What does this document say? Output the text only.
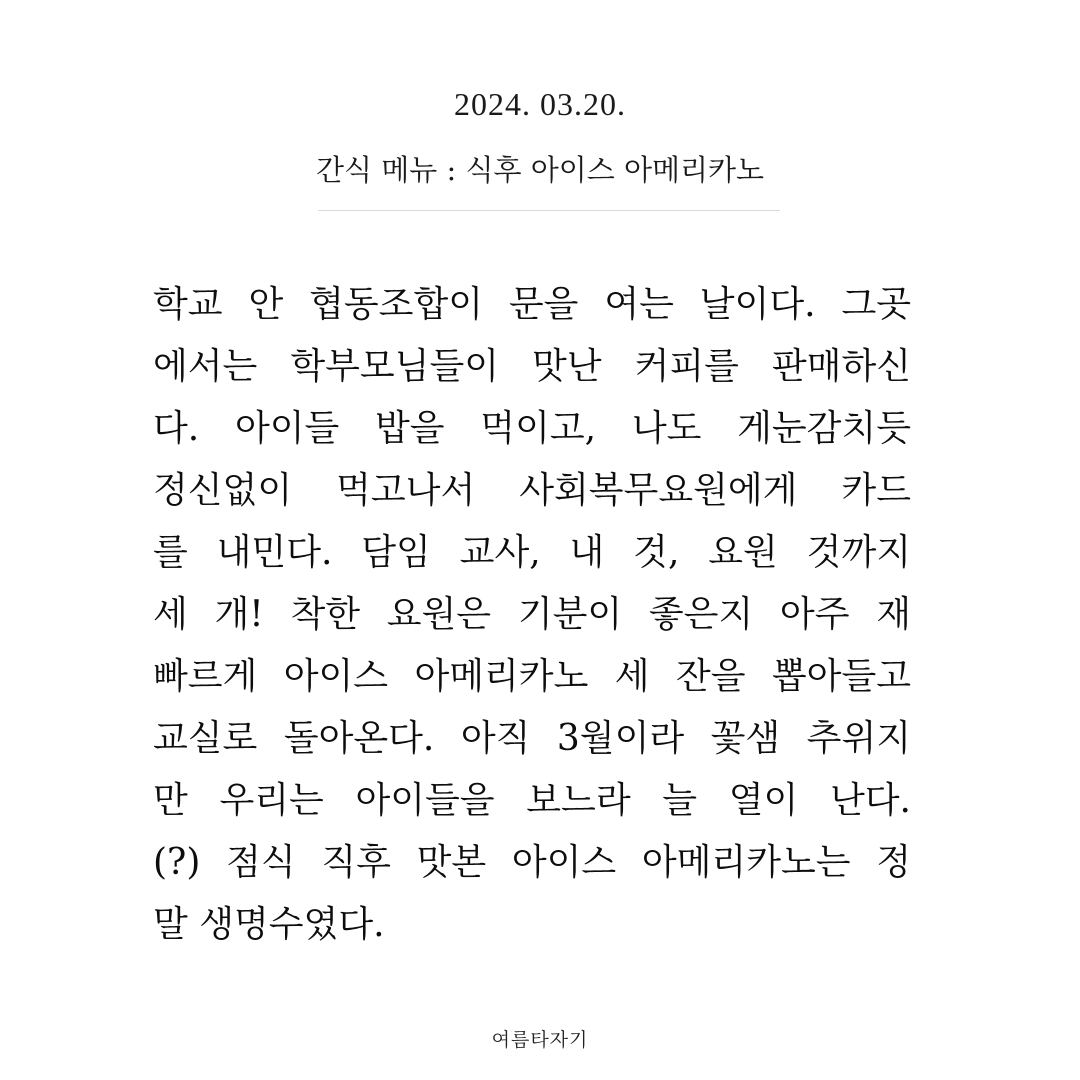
2024. 03.20.
간식 메뉴 : 식후 아이스 아메리카노
학교 안 협동조합이 문을 여는 날이다. 그곳
에서는 학부모님들이 맛난 커피를 판매하신
다. 아이들 밥을 먹이고, 나도 게눈감치듯
정신없이 먹고나서 사회복무요원에게 카드
를 내민다. 담임 교사, 내 것, 요원 것까지
세 개! 착한 요원은 기분이 좋은지 아주 재
빠르게 아이스 아메리카노 세 잔을 뽑아들고
교실로 돌아온다. 아직 3월이라 꽃샘 추위지
만 우리는 아이들을 보느라 늘 열이 난다.
(?) 점식 직후 맛본 아이스 아메리카노는 정
말 생명수였다.
여름타자기
